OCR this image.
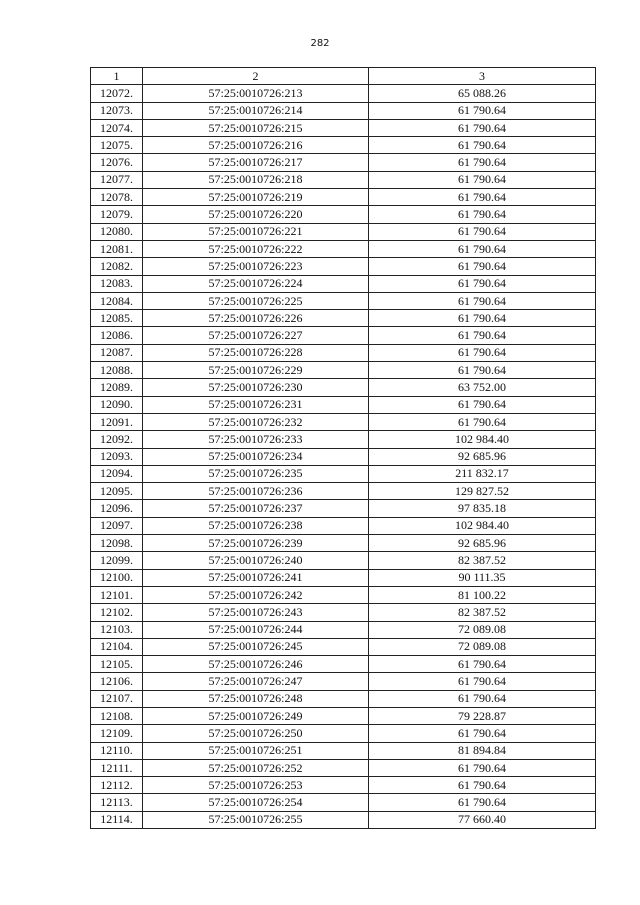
282
1	2	3
12072.	57:25:0010726:213	65 088.26
12073.	57:25:0010726:214	61 790.64
12074.	57:25:0010726:215	61 790.64
12075.	57:25:0010726:216	61 790.64
12076.	57:25:0010726:217	61 790.64
12077.	57:25:0010726:218	61 790.64
12078.	57:25:0010726:219	61 790.64
12079.	57:25:0010726:220	61 790.64
12080.	57:25:0010726:221	61 790.64
12081.	57:25:0010726:222	61 790.64
12082.	57:25:0010726:223	61 790.64
12083.	57:25:0010726:224	61 790.64
12084.	57:25:0010726:225	61 790.64
12085.	57:25:0010726:226	61 790.64
12086.	57:25:0010726:227	61 790.64
12087.	57:25:0010726:228	61 790.64
12088.	57:25:0010726:229	61 790.64
12089.	57:25:0010726:230	63 752.00
12090.	57:25:0010726:231	61 790.64
12091.	57:25:0010726:232	61 790.64
12092.	57:25:0010726:233	102 984.40
12093.	57:25:0010726:234	92 685.96
12094.	57:25:0010726:235	211 832.17
12095.	57:25:0010726:236	129 827.52
12096.	57:25:0010726:237	97 835.18
12097.	57:25:0010726:238	102 984.40
12098.	57:25:0010726:239	92 685.96
12099.	57:25:0010726:240	82 387.52
12100.	57:25:0010726:241	90 111.35
12101.	57:25:0010726:242	81 100.22
12102.	57:25:0010726:243	82 387.52
12103.	57:25:0010726:244	72 089.08
12104.	57:25:0010726:245	72 089.08
12105.	57:25:0010726:246	61 790.64
12106.	57:25:0010726:247	61 790.64
12107.	57:25:0010726:248	61 790.64
12108.	57:25:0010726:249	79 228.87
12109.	57:25:0010726:250	61 790.64
12110.	57:25:0010726:251	81 894.84
12111.	57:25:0010726:252	61 790.64
12112.	57:25:0010726:253	61 790.64
12113.	57:25:0010726:254	61 790.64
12114.	57:25:0010726:255	77 660.40
